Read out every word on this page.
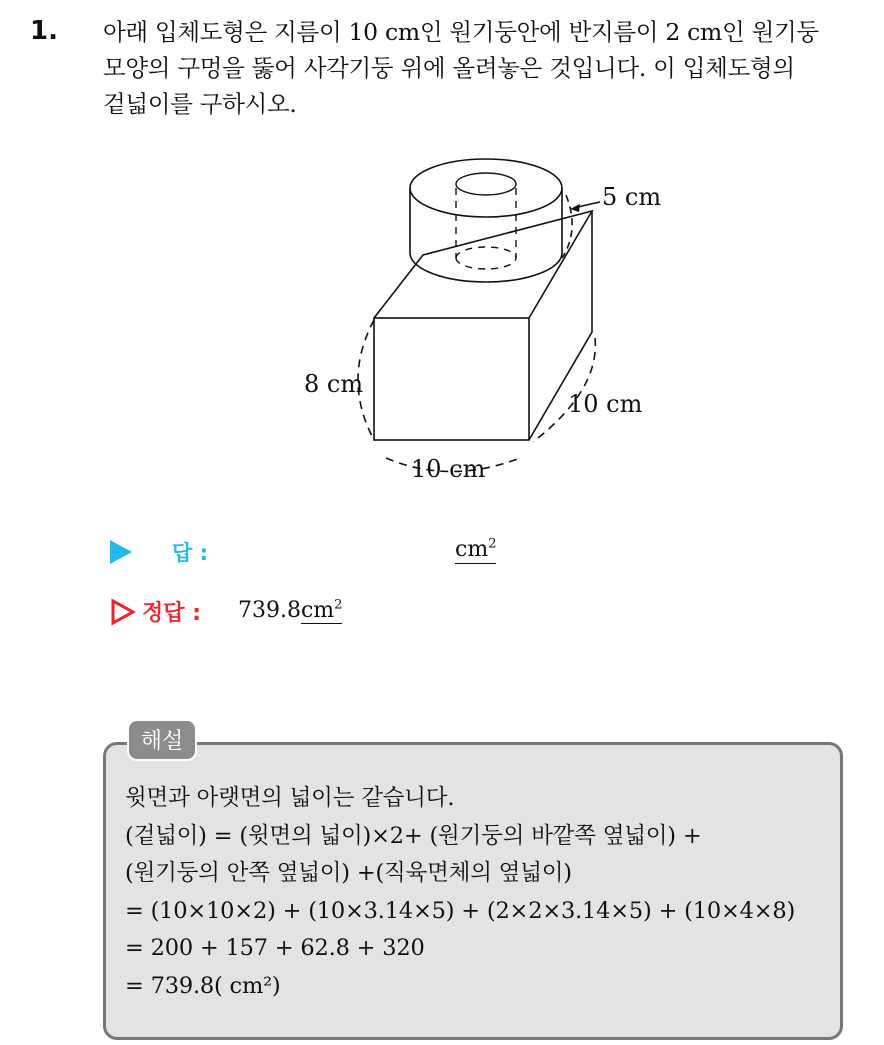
1. 아래 입체도형은 지름이 10 cm인 원기둥안에 반지름이 2 cm인 원기둥
모양의 구멍을 뚫어 사각기둥 위에 올려놓은 것입니다. 이 입체도형의
겉넓이를 구하시오.
5 cm
8 cm
10 cm
10 cm
답 :	$cm^2$
정답 : $739.8cm^2$
해설
윗면과 아랫면의 넓이는 같습니다.
(겉넓이) = (윗면의 넓이)×2+ (원기둥의 바깥쪽 옆넓이) +
(원기둥의 안쪽 옆넓이) +(직육면체의 옆넓이)
= (10×10×2) + (10×3.14×5) + (2×2×3.14×5) + (10×4×8)
= 200 + 157 + 62.8 + 320
= 739.8( cm²)
